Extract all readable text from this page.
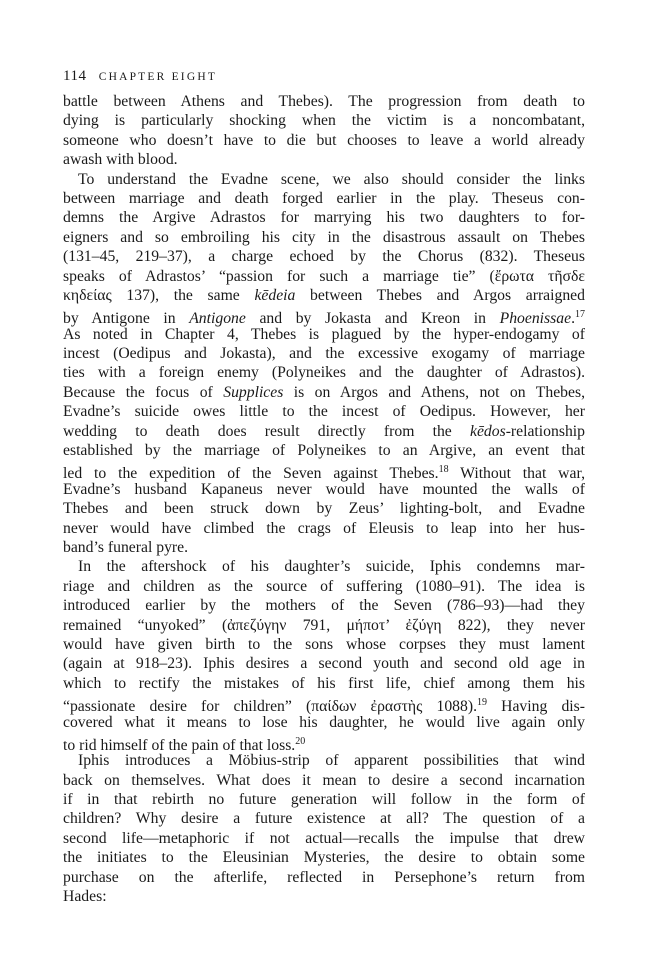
114 CHAPTER EIGHT
battle between Athens and Thebes). The progression from death to
dying is particularly shocking when the victim is a noncombatant,
someone who doesn’t have to die but chooses to leave a world already
awash with blood.
To understand the Evadne scene, we also should consider the links
between marriage and death forged earlier in the play. Theseus con-
demns the Argive Adrastos for marrying his two daughters to for-
eigners and so embroiling his city in the disastrous assault on Thebes
(131–45, 219–37), a charge echoed by the Chorus (832). Theseus
speaks of Adrastos’ “passion for such a marriage tie” (ἔρωτα τῆσδε
κηδείας 137), the same kēdeia between Thebes and Argos arraigned
by Antigone in Antigone and by Jokasta and Kreon in Phoenissae.$^{17}$
As noted in Chapter 4, Thebes is plagued by the hyper-endogamy of
incest (Oedipus and Jokasta), and the excessive exogamy of marriage
ties with a foreign enemy (Polyneikes and the daughter of Adrastos).
Because the focus of Supplices is on Argos and Athens, not on Thebes,
Evadne’s suicide owes little to the incest of Oedipus. However, her
wedding to death does result directly from the kēdos-relationship
established by the marriage of Polyneikes to an Argive, an event that
led to the expedition of the Seven against Thebes.$^{18}$ Without that war,
Evadne’s husband Kapaneus never would have mounted the walls of
Thebes and been struck down by Zeus’ lighting-bolt, and Evadne
never would have climbed the crags of Eleusis to leap into her hus-
band’s funeral pyre.
In the aftershock of his daughter’s suicide, Iphis condemns mar-
riage and children as the source of suffering (1080–91). The idea is
introduced earlier by the mothers of the Seven (786–93)—had they
remained “unyoked” (ἀπεζύγην 791, μήποτ’ ἐζύγη 822), they never
would have given birth to the sons whose corpses they must lament
(again at 918–23). Iphis desires a second youth and second old age in
which to rectify the mistakes of his first life, chief among them his
“passionate desire for children” (παίδων ἐραστὴς 1088).$^{19}$ Having dis-
covered what it means to lose his daughter, he would live again only
to rid himself of the pain of that loss.$^{20}$
Iphis introduces a Möbius-strip of apparent possibilities that wind
back on themselves. What does it mean to desire a second incarnation
if in that rebirth no future generation will follow in the form of
children? Why desire a future existence at all? The question of a
second life—metaphoric if not actual—recalls the impulse that drew
the initiates to the Eleusinian Mysteries, the desire to obtain some
purchase on the afterlife, reflected in Persephone’s return from
Hades:
